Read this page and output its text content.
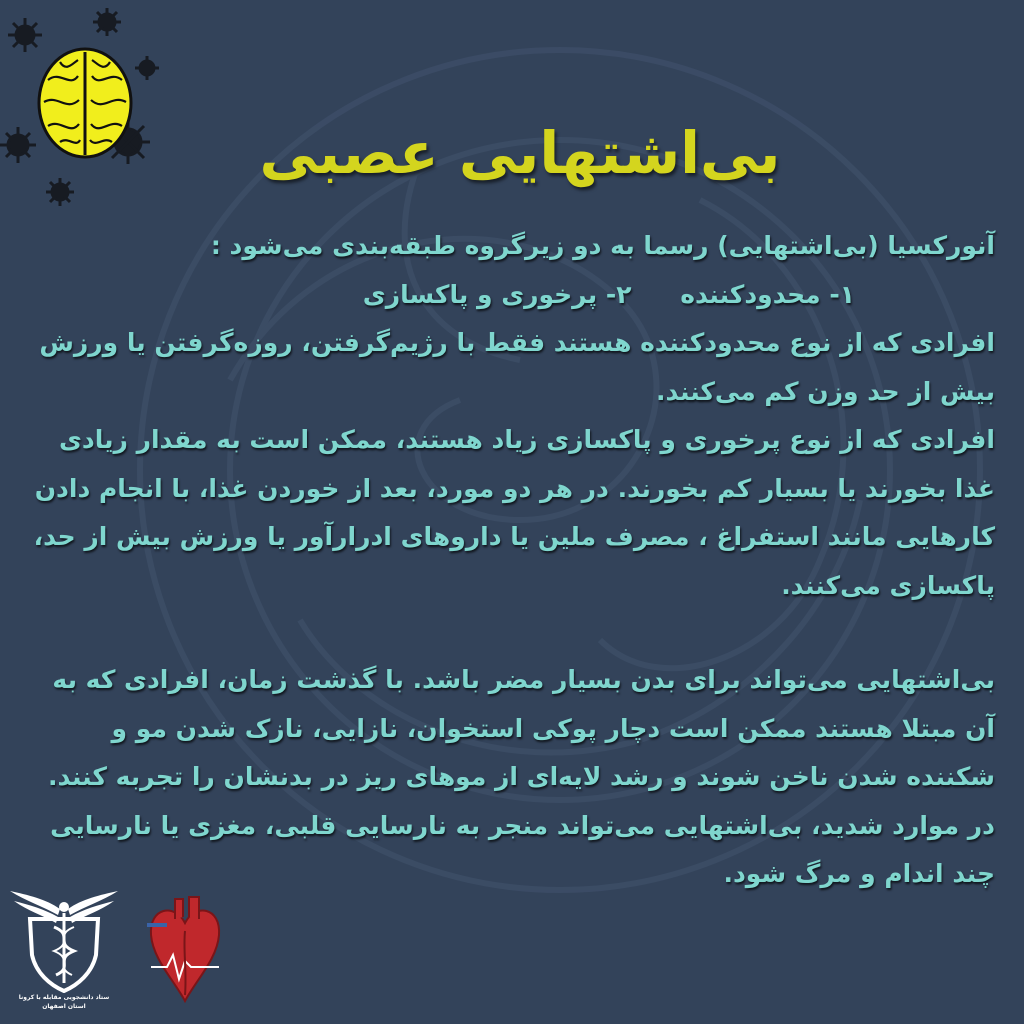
بی‌اشتهایی عصبی

آنورکسیا (بی‌اشتهایی) رسما به دو زیرگروه طبقه‌بندی می‌شود :

۱- محدودکننده ۲- پرخوری و پاکسازی

افرادی که از نوع محدودکننده هستند فقط با رژیم‌گرفتن، روزه‌گرفتن یا ورزش بیش از حد وزن کم می‌کنند.

افرادی که از نوع پرخوری و پاکسازی زیاد هستند، ممکن است به مقدار زیادی غذا بخورند یا بسیار کم بخورند. در هر دو مورد، بعد از خوردن غذا، با انجام دادن کارهایی مانند استفراغ ، مصرف ملین یا داروهای ادرارآور یا ورزش بیش از حد، پاکسازی می‌کنند.

بی‌اشتهایی می‌تواند برای بدن بسیار مضر باشد. با گذشت زمان، افرادی که به آن مبتلا هستند ممکن است دچار پوکی استخوان، نازایی، نازک شدن مو و شکننده شدن ناخن شوند و رشد لایه‌ای از موهای ریز در بدنشان را تجربه کنند.

در موارد شدید، بی‌اشتهایی می‌تواند منجر به نارسایی قلبی، مغزی یا نارسایی چند اندام و مرگ شود.

ستاد دانشجویی مقابله با کرونا
استان اصفهان
